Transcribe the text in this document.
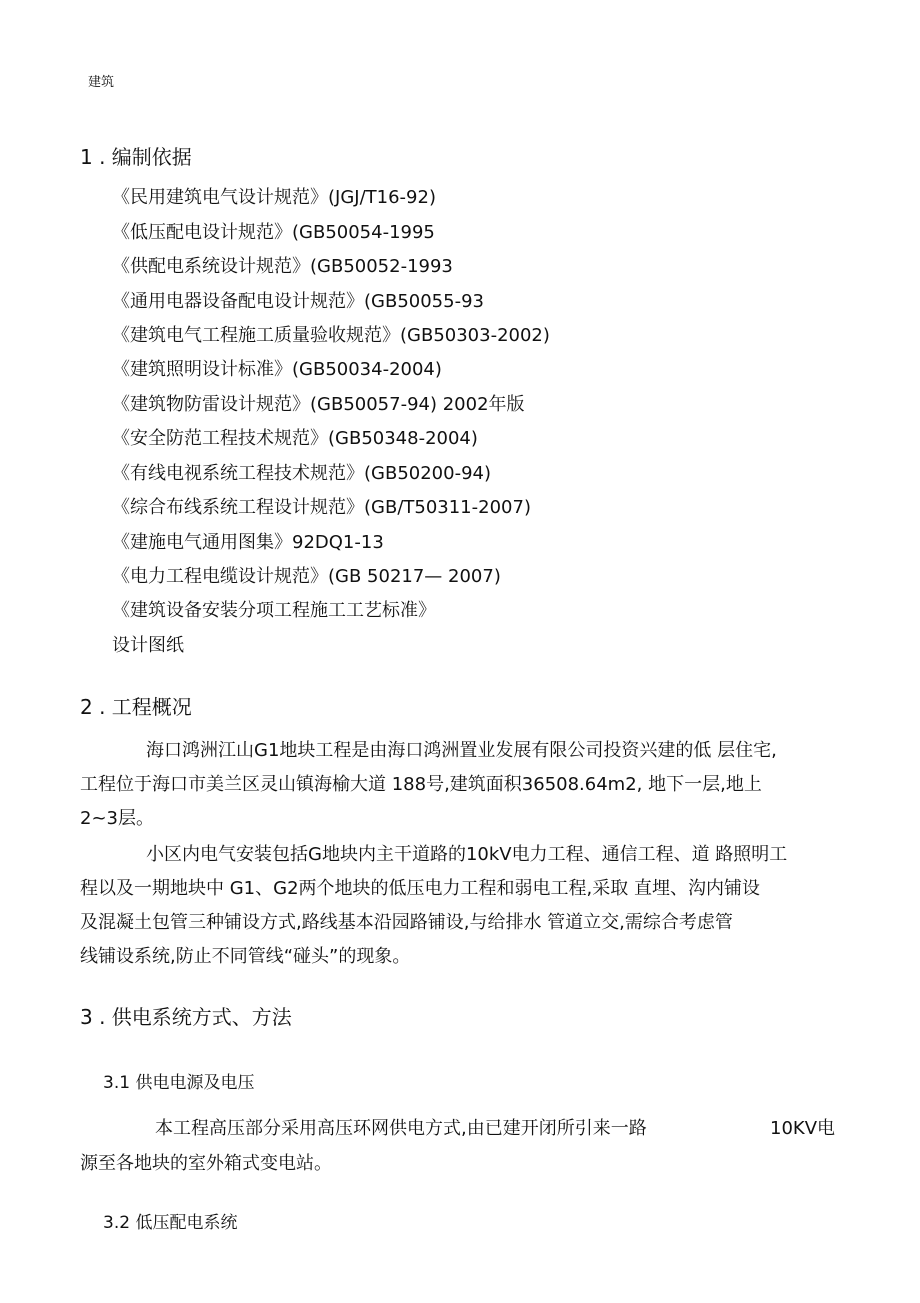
建筑
1 . 编制依据
《民用建筑电气设计规范》(JGJ/T16-92)
《低压配电设计规范》(GB50054-1995
《供配电系统设计规范》(GB50052-1993
《通用电器设备配电设计规范》(GB50055-93
《建筑电气工程施工质量验收规范》(GB50303-2002)
《建筑照明设计标准》(GB50034-2004)
《建筑物防雷设计规范》(GB50057-94) 2002年版
《安全防范工程技术规范》(GB50348-2004)
《有线电视系统工程技术规范》(GB50200-94)
《综合布线系统工程设计规范》(GB/T50311-2007)
《建施电气通用图集》92DQ1-13
《电力工程电缆设计规范》(GB 50217— 2007)
《建筑设备安装分项工程施工工艺标准》
设计图纸
2 . 工程概况
海口鸿洲江山G1地块工程是由海口鸿洲置业发展有限公司投资兴建的低 层住宅,
工程位于海口市美兰区灵山镇海榆大道 188号,建筑面积36508.64m2, 地下一层,地上
2~3层。
小区内电气安装包括G地块内主干道路的10kV电力工程、通信工程、道 路照明工
程以及一期地块中 G1、G2两个地块的低压电力工程和弱电工程,采取 直埋、沟内铺设
及混凝土包管三种铺设方式,路线基本沿园路铺设,与给排水 管道立交,需综合考虑管
线铺设系统,防止不同管线“碰头”的现象。
3 . 供电系统方式、方法
3.1 供电电源及电压
本工程高压部分采用高压环网供电方式,由已建开闭所引来一路	10KV电
源至各地块的室外箱式变电站。
3.2 低压配电系统
